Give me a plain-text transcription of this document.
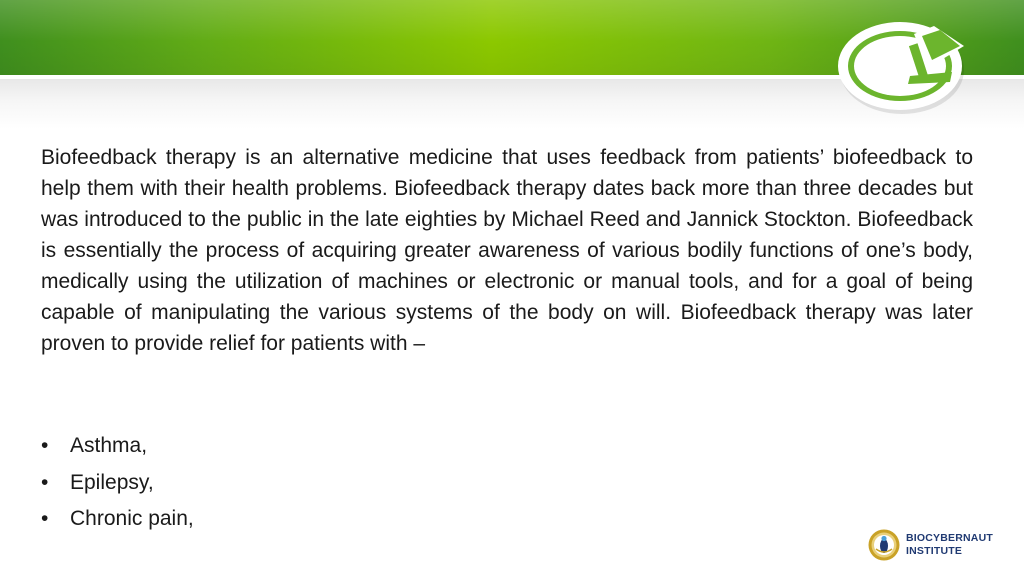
Biofeedback therapy is an alternative medicine that uses feedback from patients’ biofeedback to help them with their health problems. Biofeedback therapy dates back more than three decades but was introduced to the public in the late eighties by Michael Reed and Jannick Stockton. Biofeedback is essentially the process of acquiring greater awareness of various bodily functions of one’s body, medically using the utilization of machines or electronic or manual tools, and for a goal of being capable of manipulating the various systems of the body on will. Biofeedback therapy was later proven to provide relief for patients with –

• Asthma,
• Epilepsy,
• Chronic pain,
BIOCYBERNAUT
INSTITUTE
